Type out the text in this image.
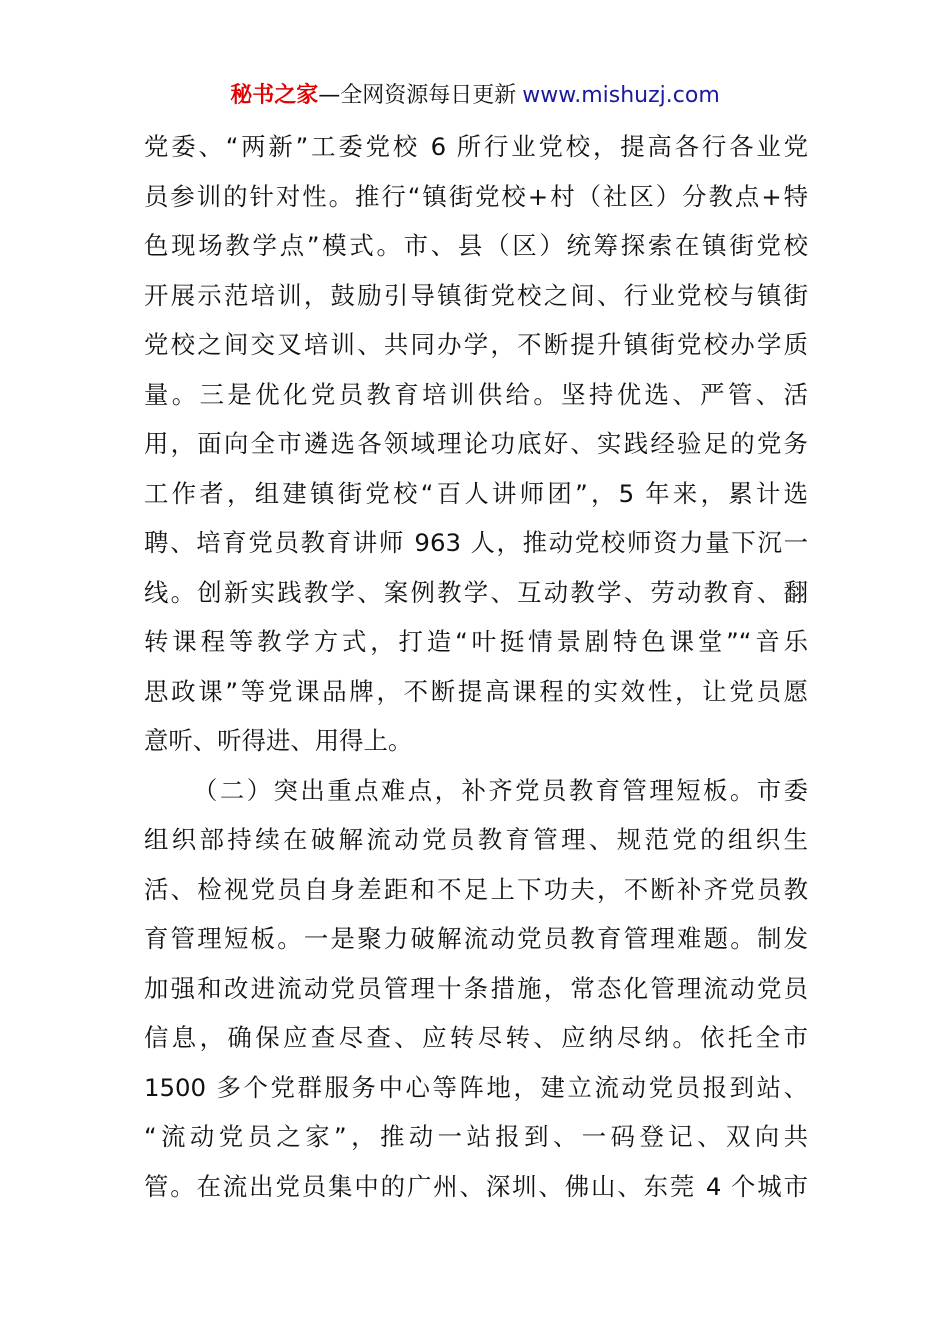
秘书之家—全网资源每日更新 www.mishuzj.com
党委、“两新”工委党校 6 所行业党校，提高各行各业党
员参训的针对性。推行“镇街党校+村（社区）分教点+特
色现场教学点”模式。市、县（区）统筹探索在镇街党校
开展示范培训，鼓励引导镇街党校之间、行业党校与镇街
党校之间交叉培训、共同办学，不断提升镇街党校办学质
量。三是优化党员教育培训供给。坚持优选、严管、活
用，面向全市遴选各领域理论功底好、实践经验足的党务
工作者，组建镇街党校“百人讲师团”，5 年来，累计选
聘、培育党员教育讲师 963 人，推动党校师资力量下沉一
线。创新实践教学、案例教学、互动教学、劳动教育、翻
转课程等教学方式，打造“叶挺情景剧特色课堂”“音乐
思政课”等党课品牌，不断提高课程的实效性，让党员愿
意听、听得进、用得上。
（二）突出重点难点，补齐党员教育管理短板。市委
组织部持续在破解流动党员教育管理、规范党的组织生
活、检视党员自身差距和不足上下功夫，不断补齐党员教
育管理短板。一是聚力破解流动党员教育管理难题。制发
加强和改进流动党员管理十条措施，常态化管理流动党员
信息，确保应查尽查、应转尽转、应纳尽纳。依托全市
1500 多个党群服务中心等阵地，建立流动党员报到站、
“流动党员之家”，推动一站报到、一码登记、双向共
管。在流出党员集中的广州、深圳、佛山、东莞 4 个城市
